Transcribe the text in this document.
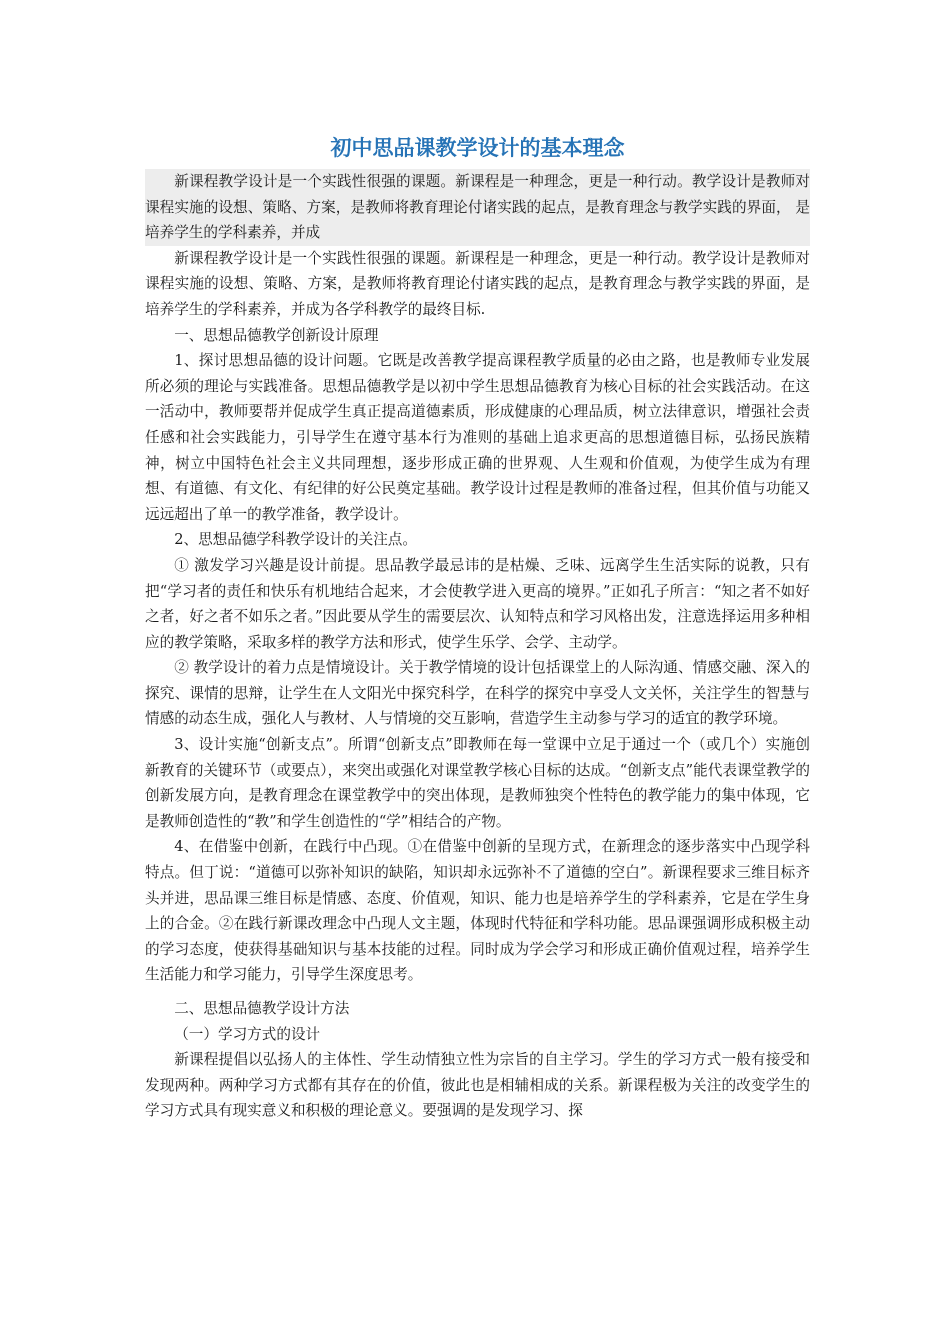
初中思品课教学设计的基本理念

新课程教学设计是一个实践性很强的课题。新课程是一种理念，更是一种行动。教学设计是教师对课程实施的设想、策略、方案，是教师将教育理论付诸实践的起点，是教育理念与教学实践的界面， 是培养学生的学科素养，并成

新课程教学设计是一个实践性很强的课题。新课程是一种理念，更是一种行动。教学设计是教师对课程实施的设想、策略、方案，是教师将教育理论付诸实践的起点，是教育理念与教学实践的界面，是培养学生的学科素养，并成为各学科教学的最终目标.

一、思想品德教学创新设计原理

1、探讨思想品德的设计问题。它既是改善教学提高课程教学质量的必由之路，也是教师专业发展所必须的理论与实践准备。思想品德教学是以初中学生思想品德教育为核心目标的社会实践活动。在这一活动中，教师要帮并促成学生真正提高道德素质，形成健康的心理品质，树立法律意识，增强社会责任感和社会实践能力，引导学生在遵守基本行为准则的基础上追求更高的思想道德目标，弘扬民族精神，树立中国特色社会主义共同理想，逐步形成正确的世界观、人生观和价值观，为使学生成为有理想、有道德、有文化、有纪律的好公民奠定基础。教学设计过程是教师的准备过程，但其价值与功能又远远超出了单一的教学准备，教学设计。

2、思想品德学科教学设计的关注点。

① 激发学习兴趣是设计前提。思品教学最忌讳的是枯燥、乏味、远离学生生活实际的说教，只有把“学习者的责任和快乐有机地结合起来，才会使教学进入更高的境界。”正如孔子所言：“知之者不如好之者，好之者不如乐之者。”因此要从学生的需要层次、认知特点和学习风格出发，注意选择运用多种相应的教学策略，采取多样的教学方法和形式，使学生乐学、会学、主动学。

② 教学设计的着力点是情境设计。关于教学情境的设计包括课堂上的人际沟通、情感交融、深入的探究、课情的思辩，让学生在人文阳光中探究科学，在科学的探究中享受人文关怀，关注学生的智慧与情感的动态生成，强化人与教材、人与情境的交互影响，营造学生主动参与学习的适宜的教学环境。

3、设计实施“创新支点”。所谓“创新支点”即教师在每一堂课中立足于通过一个（或几个）实施创新教育的关键环节（或要点），来突出或强化对课堂教学核心目标的达成。“创新支点”能代表课堂教学的创新发展方向，是教育理念在课堂教学中的突出体现，是教师独突个性特色的教学能力的集中体现，它是教师创造性的“教”和学生创造性的“学”相结合的产物。

4、在借鉴中创新，在践行中凸现。①在借鉴中创新的呈现方式，在新理念的逐步落实中凸现学科特点。但丁说：“道德可以弥补知识的缺陷，知识却永远弥补不了道德的空白”。新课程要求三维目标齐头并进，思品课三维目标是情感、态度、价值观，知识、能力也是培养学生的学科素养，它是在学生身上的合金。②在践行新课改理念中凸现人文主题，体现时代特征和学科功能。思品课强调形成积极主动的学习态度，使获得基础知识与基本技能的过程。同时成为学会学习和形成正确价值观过程，培养学生生活能力和学习能力，引导学生深度思考。

二、思想品德教学设计方法

（一）学习方式的设计

新课程提倡以弘扬人的主体性、学生动情独立性为宗旨的自主学习。学生的学习方式一般有接受和发现两种。两种学习方式都有其存在的价值，彼此也是相辅相成的关系。新课程极为关注的改变学生的学习方式具有现实意义和积极的理论意义。要强调的是发现学习、探
